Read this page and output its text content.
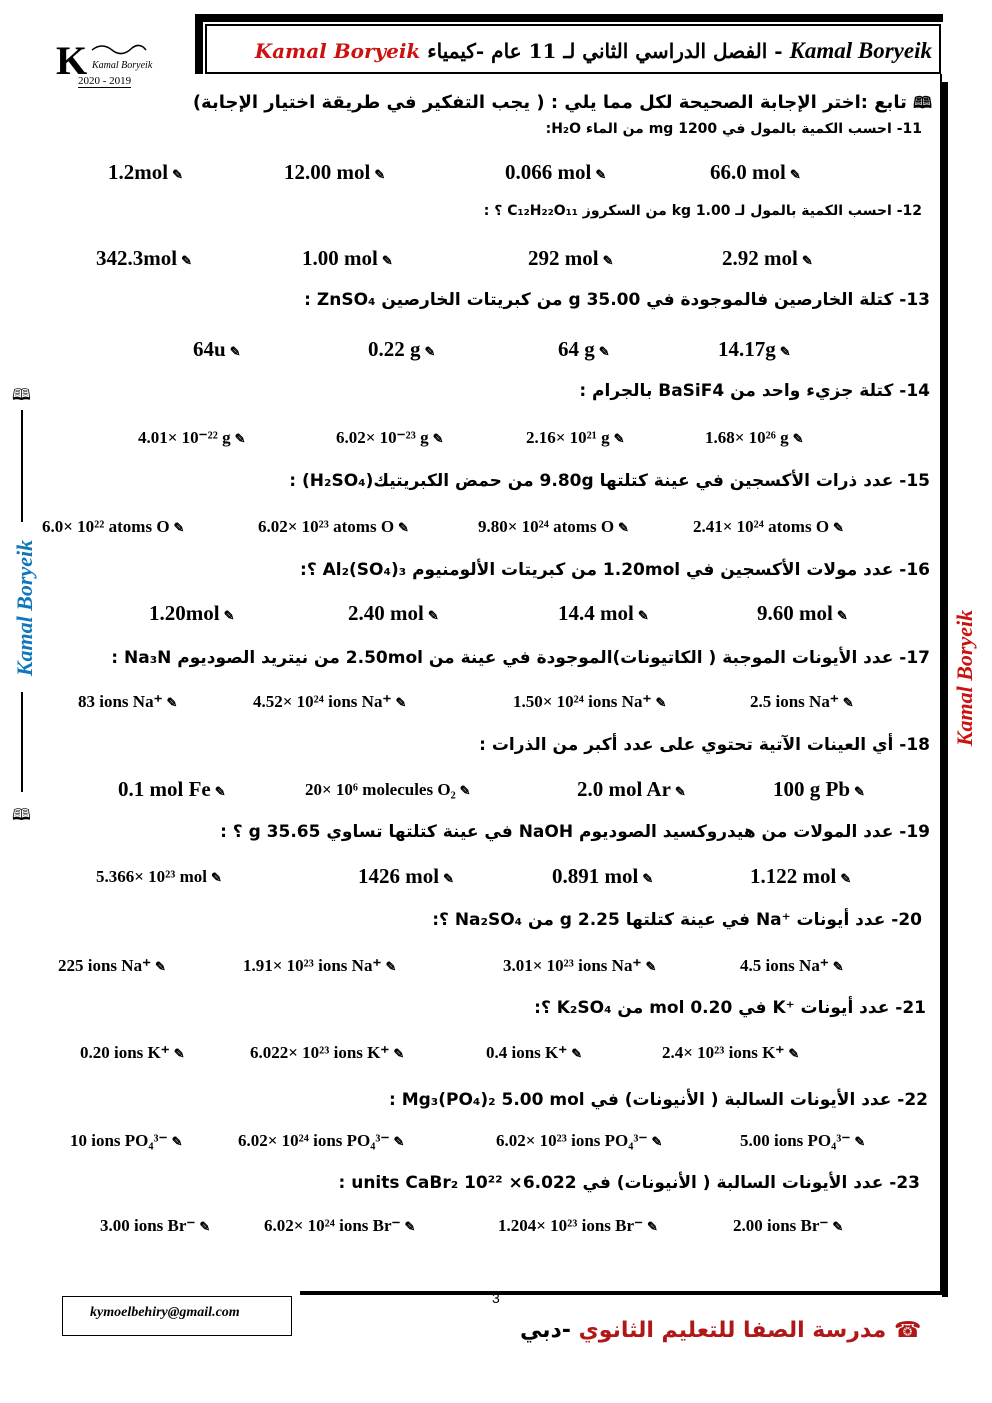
Kamal Boryeik - الفصل الدراسي الثاني لـ 11 عام -كيمياء Kamal Boryeik
K Kamal Boryeik
2020 - 2019
🕮
Kamal Boryeik
🕮
Kamal Boryeik
🕮 تابع :اختر الإجابة الصحيحة لكل مما يلي : ( يجب التفكير في طريقة اختيار الإجابة)
11- احسب الكمية بالمول في 1200 mg من الماء H₂O:
1.2mol ✎	12.00 mol ✎	0.066 mol ✎	66.0 mol ✎
12- احسب الكمية بالمول لـ 1.00 kg من السكروز C₁₂H₂₂O₁₁ ؟ :
342.3mol ✎	1.00 mol ✎	292 mol ✎	2.92 mol ✎
13- كتلة الخارصين فالموجودة في 35.00 g من كبريتات الخارصين ZnSO₄ :
64u ✎	0.22 g ✎	64 g ✎	14.17g ✎
14- كتلة جزيء واحد من BaSiF4 بالجرام :
4.01× 10⁻²² g ✎	6.02× 10⁻²³ g ✎	2.16× 10²¹ g ✎	1.68× 10²⁶ g ✎
15- عدد ذرات الأكسجين في عينة كتلتها 9.80g من حمض الكبريتيك(H₂SO₄) :
6.0× 10²² atoms O ✎	6.02× 10²³ atoms O ✎	9.80× 10²⁴ atoms O ✎	2.41× 10²⁴ atoms O ✎
16- عدد مولات الأكسجين في 1.20mol من كبريتات الألومنيوم Al₂(SO₄)₃ ؟:
1.20mol ✎	2.40 mol ✎	14.4 mol ✎	9.60 mol ✎
17- عدد الأيونات الموجبة ( الكاتيونات)الموجودة في عينة من 2.50mol من نيتريد الصوديوم Na₃N :
83 ions Na⁺ ✎	4.52× 10²⁴ ions Na⁺ ✎	1.50× 10²⁴ ions Na⁺ ✎	2.5 ions Na⁺ ✎
18- أي العينات الآتية تحتوي على عدد أكبر من الذرات :
0.1 mol Fe ✎	20× 10⁶ molecules O₂ ✎	2.0 mol Ar ✎	100 g Pb ✎
19- عدد المولات من هيدروكسيد الصوديوم NaOH في عينة كتلتها تساوي 35.65 g ؟ :
5.366× 10²³ mol ✎	1426 mol ✎	0.891 mol ✎	1.122 mol ✎
20- عدد أيونات ⁺Na في عينة كتلتها 2.25 g من Na₂SO₄ ؟:
225 ions Na⁺ ✎	1.91× 10²³ ions Na⁺ ✎	3.01× 10²³ ions Na⁺ ✎	4.5 ions Na⁺ ✎
21- عدد أيونات ⁺K في 0.20 mol من K₂SO₄ ؟:
0.20 ions K⁺ ✎	6.022× 10²³ ions K⁺ ✎	0.4 ions K⁺ ✎	2.4× 10²³ ions K⁺ ✎
22- عدد الأيونات السالبة ( الأنيونات) في Mg₃(PO₄)₂ 5.00 mol :
10 ions PO₄³⁻ ✎	6.02× 10²⁴ ions PO₄³⁻ ✎	6.02× 10²³ ions PO₄³⁻ ✎	5.00 ions PO₄³⁻ ✎
23- عدد الأيونات السالبة ( الأنيونات) في 6.022× 10²² units CaBr₂ :
3.00 ions Br⁻ ✎	6.02× 10²⁴ ions Br⁻ ✎	1.204× 10²³ ions Br⁻ ✎	2.00 ions Br⁻ ✎
3
kymoelbehiry@gmail.com
☎ مدرسة الصفا للتعليم الثانوي -دبي
